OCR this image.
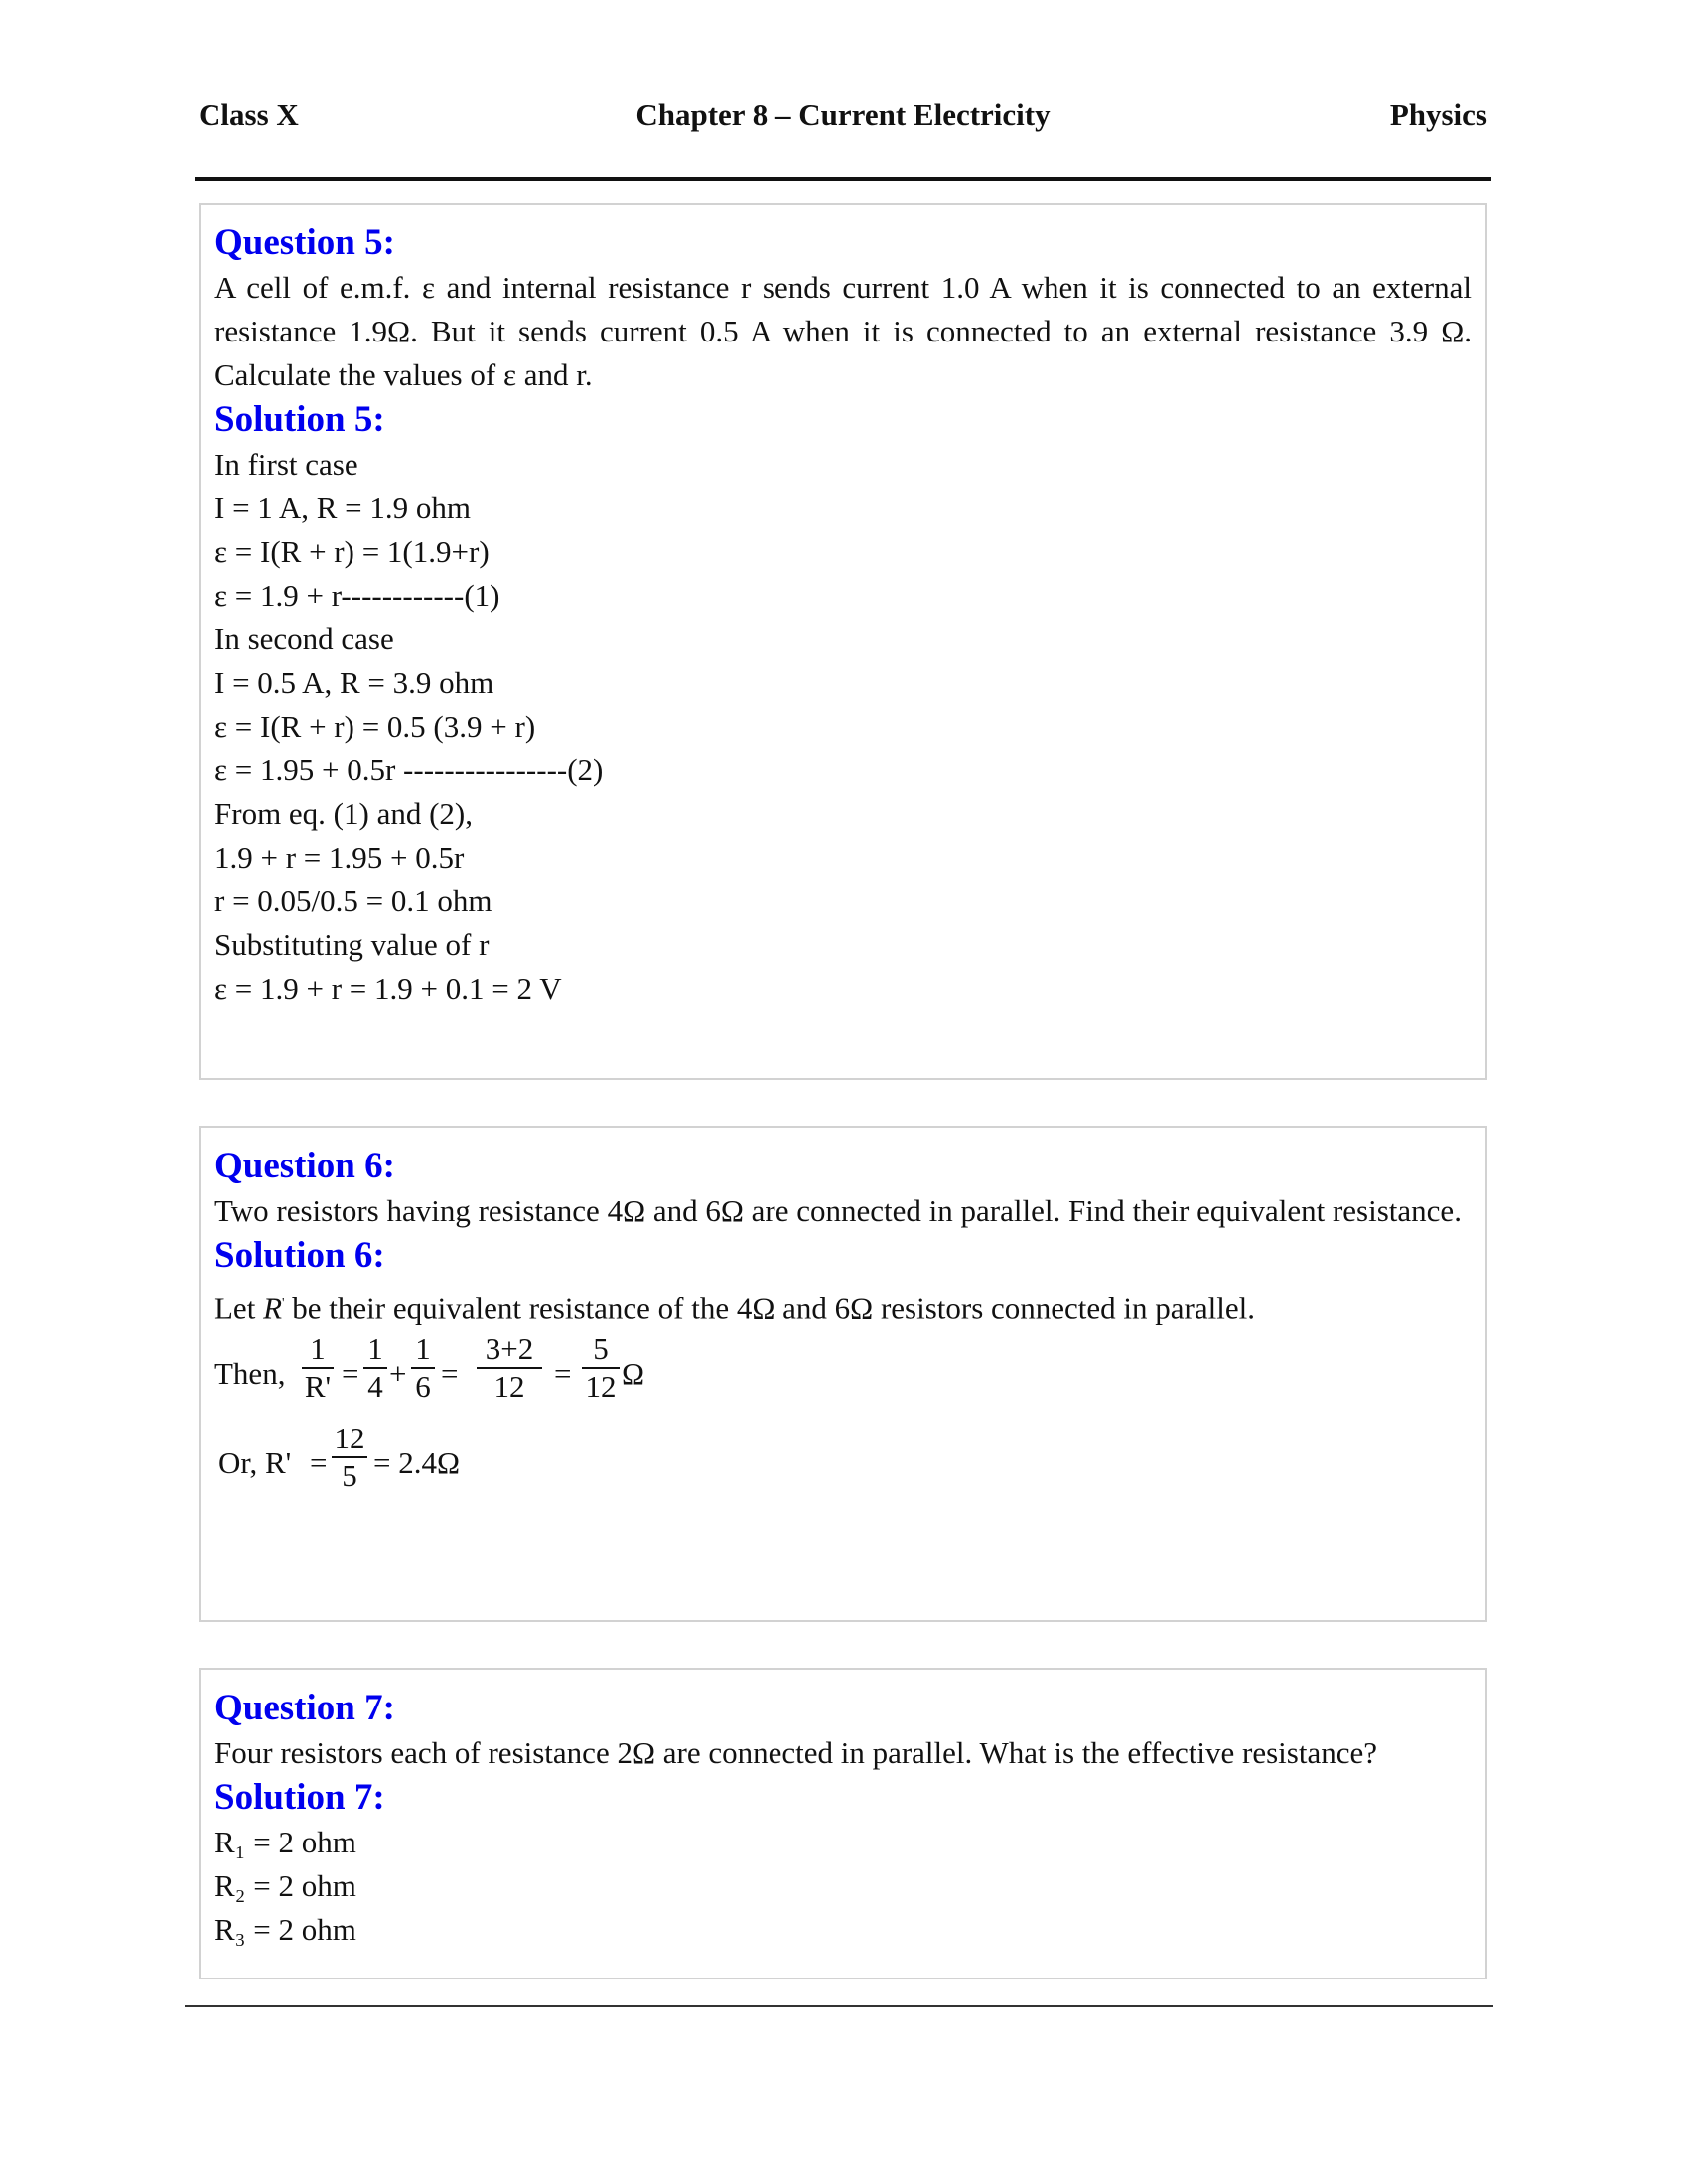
Class X	Chapter 8 – Current Electricity	Physics
Question 5:
A cell of e.m.f. ε and internal resistance r sends current 1.0 A when it is connected to an external resistance 1.9Ω. But it sends current 0.5 A when it is connected to an external resistance 3.9 Ω. Calculate the values of ε and r.
Solution 5:
In first case
I = 1 A, R = 1.9 ohm
ε = I(R + r) = 1(1.9+r)
ε = 1.9 + r------------(1)
In second case
I = 0.5 A, R = 3.9 ohm
ε = I(R + r) = 0.5 (3.9 + r)
ε = 1.95 + 0.5r ----------------(2)
From eq. (1) and (2),
1.9 + r = 1.95 + 0.5r
r = 0.05/0.5 = 0.1 ohm
Substituting value of r
ε = 1.9 + r = 1.9 + 0.1 = 2 V
Question 6:
Two resistors having resistance 4Ω and 6Ω are connected in parallel. Find their equivalent resistance.
Solution 6:
Let R' be their equivalent resistance of the 4Ω and 6Ω resistors connected in parallel.
Then,
1
R' =
1
4 +
1
6 =
3+2
12 =
5
12 Ω
Or, R' =
12
5 = 2.4Ω
Question 7:
Four resistors each of resistance 2Ω are connected in parallel. What is the effective resistance?
Solution 7:
R₁ = 2 ohm
R₂ = 2 ohm
R₃ = 2 ohm
